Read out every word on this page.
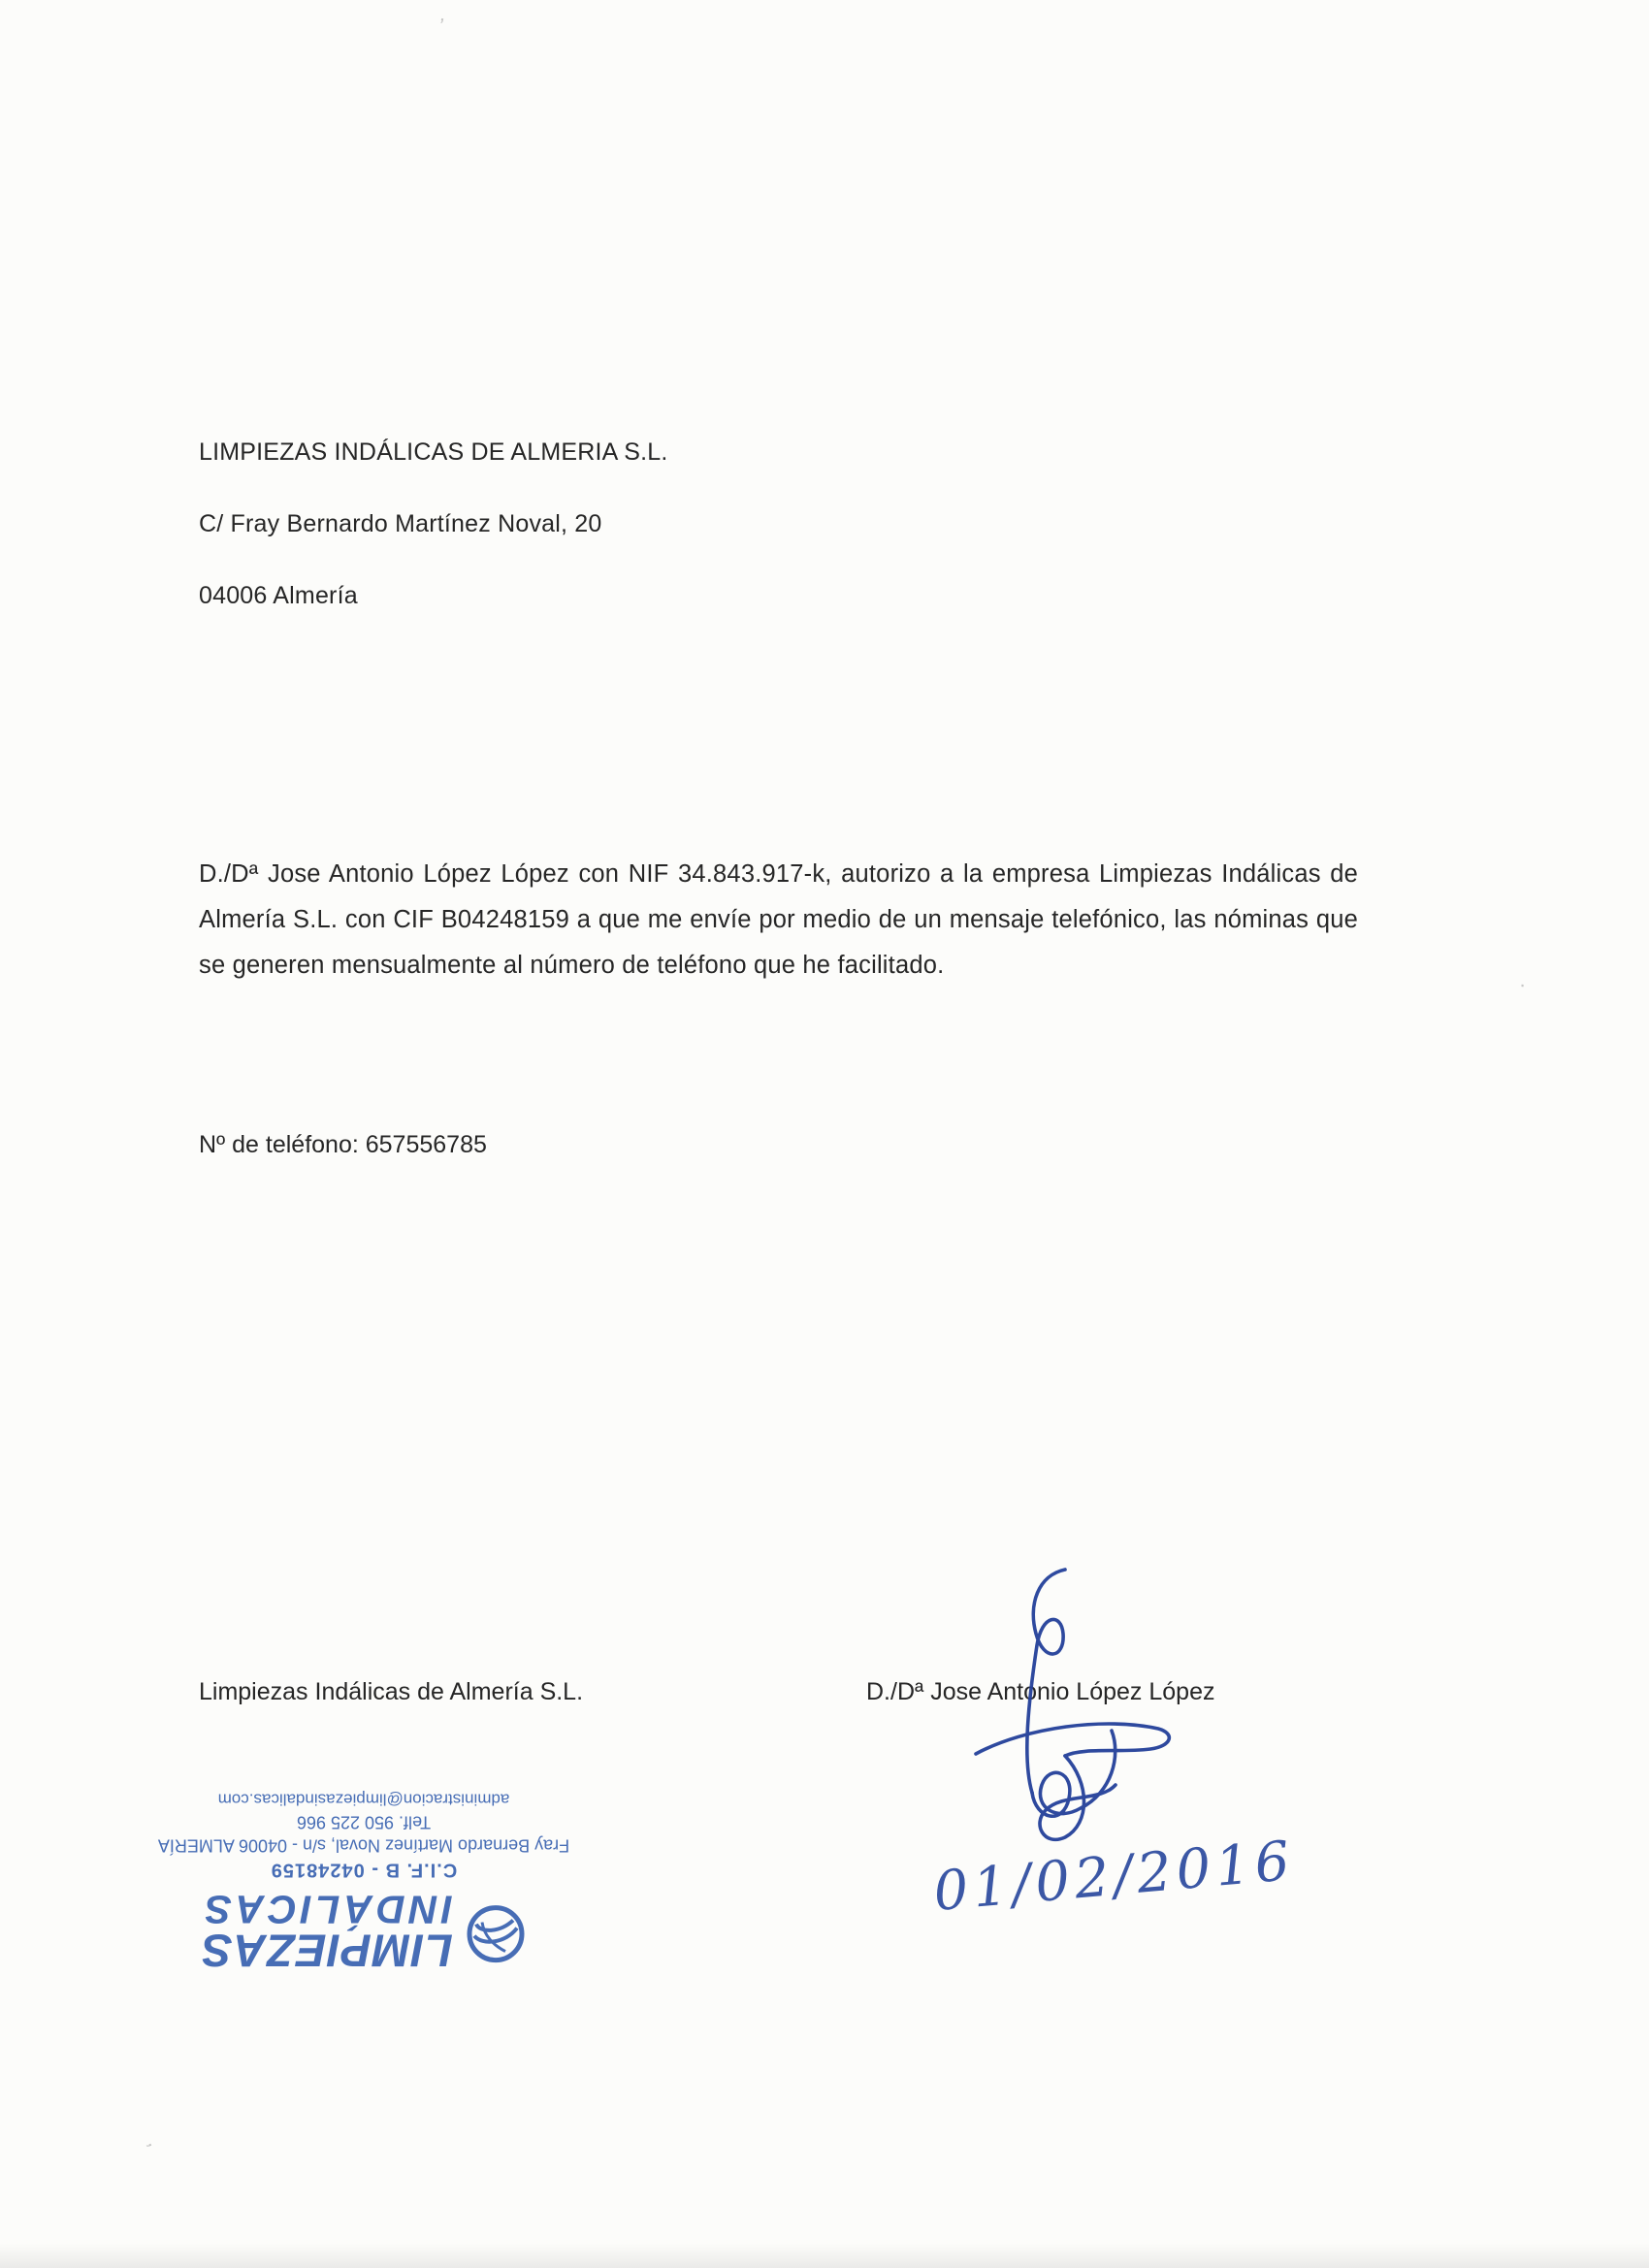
LIMPIEZAS INDÁLICAS DE ALMERIA S.L.

C/ Fray Bernardo Martínez Noval, 20

04006 Almería

D./Dª Jose Antonio López López con NIF 34.843.917-k, autorizo a la empresa Limpiezas Indálicas de Almería S.L. con CIF B04248159 a que me envíe por medio de un mensaje telefónico, las nóminas que se generen mensualmente al número de teléfono que he facilitado.

Nº de teléfono: 657556785

Limpiezas Indálicas de Almería S.L.	D./Dª Jose Antonio López López
01/02/2016
LIMPIEZAS
INDÁLICAS
C.I.F. B - 04248159
Fray Bernardo Martínez Noval, s/n - 04006 ALMERÍA
Telf. 950 225 966
administracion@limpiezasindalicas.com
’
·
‚
